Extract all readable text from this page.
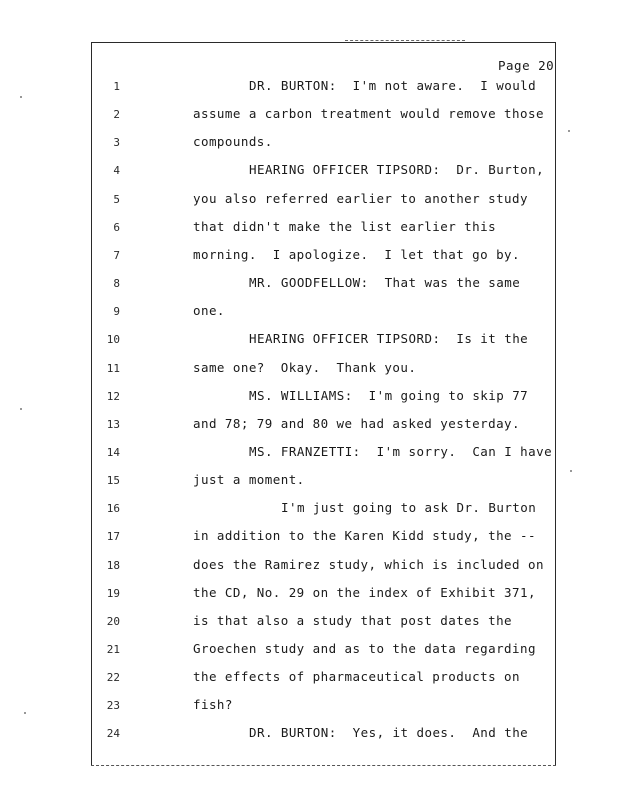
Page 20
1	DR. BURTON:  I'm not aware.  I would
2	assume a carbon treatment would remove those
3	compounds.
4	HEARING OFFICER TIPSORD:  Dr. Burton,
5	you also referred earlier to another study
6	that didn't make the list earlier this
7	morning.  I apologize.  I let that go by.
8	MR. GOODFELLOW:  That was the same
9	one.
10	HEARING OFFICER TIPSORD:  Is it the
11	same one?  Okay.  Thank you.
12	MS. WILLIAMS:  I'm going to skip 77
13	and 78; 79 and 80 we had asked yesterday.
14	MS. FRANZETTI:  I'm sorry.  Can I have
15	just a moment.
16	I'm just going to ask Dr. Burton
17	in addition to the Karen Kidd study, the --
18	does the Ramirez study, which is included on
19	the CD, No. 29 on the index of Exhibit 371,
20	is that also a study that post dates the
21	Groechen study and as to the data regarding
22	the effects of pharmaceutical products on
23	fish?
24	DR. BURTON:  Yes, it does.  And the
